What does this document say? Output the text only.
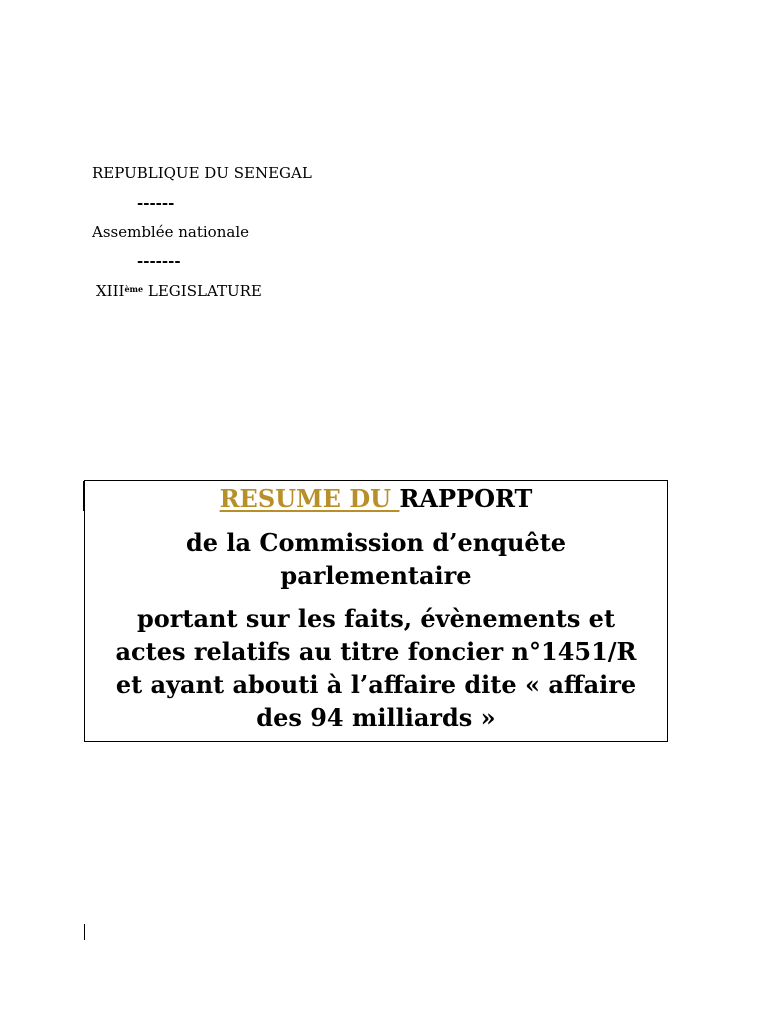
REPUBLIQUE DU SENEGAL
------
Assemblée nationale
-------
XIIIème LEGISLATURE
RESUME DU RAPPORT
de la Commission d’enquête
parlementaire
portant sur les faits, évènements et
actes relatifs au titre foncier n°1451/R
et ayant abouti à l’affaire dite « affaire
des 94 milliards »
